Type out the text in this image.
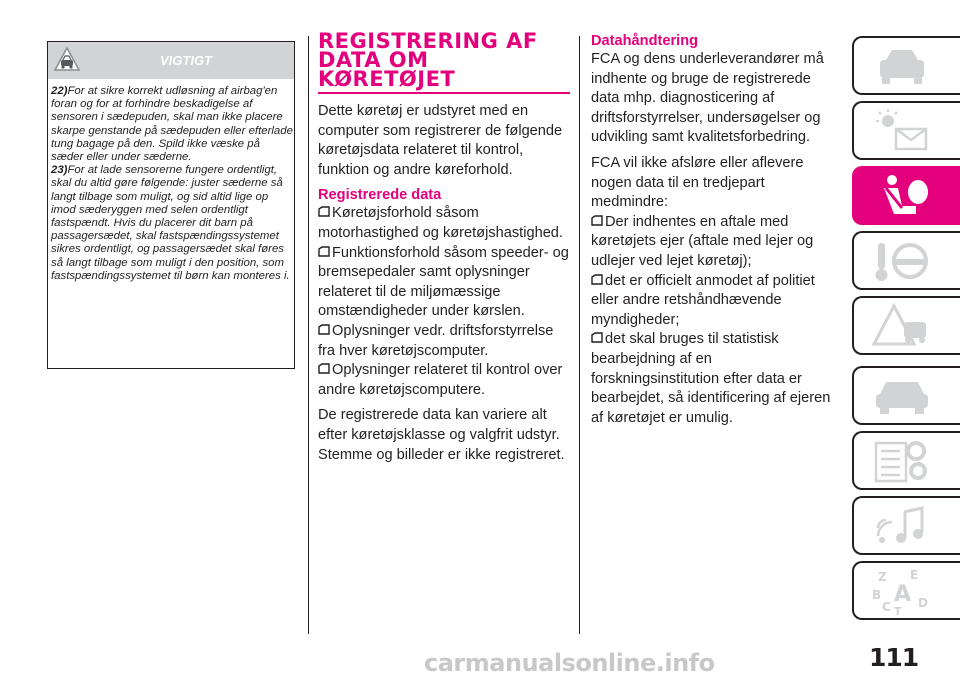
VIGTIGT

22)For at sikre korrekt udløsning af airbag'en foran og for at forhindre beskadigelse af sensoren i sædepuden, skal man ikke placere skarpe genstande på sædepuden eller efterlade tung bagage på den. Spild ikke væske på sæder eller under sæderne.

23)For at lade sensorerne fungere ordentligt, skal du altid gøre følgende: juster sæderne så langt tilbage som muligt, og sid altid lige op imod sæderyggen med selen ordentligt fastspændt. Hvis du placerer dit barn på passagersædet, skal fastspændingssystemet sikres ordentligt, og passagersædet skal føres så langt tilbage som muligt i den position, som fastspændingssystemet til børn kan monteres i.

REGISTRERING AF
DATA OM
KØRETØJET

Dette køretøj er udstyret med en computer som registrerer de følgende køretøjsdata relateret til kontrol, funktion og andre køreforhold.

Registrerede data

Køretøjsforhold såsom motorhastighed og køretøjshastighed.

Funktionsforhold såsom speeder- og bremsepedaler samt oplysninger relateret til de miljømæssige omstændigheder under kørslen.

Oplysninger vedr. driftsforstyrrelse fra hver køretøjscomputer.

Oplysninger relateret til kontrol over andre køretøjscomputere.

De registrerede data kan variere alt efter køretøjsklasse og valgfrit udstyr. Stemme og billeder er ikke registreret.

Datahåndtering

FCA og dens underleverandører må indhente og bruge de registrerede data mhp. diagnosticering af driftsforstyrrelser, undersøgelser og udvikling samt kvalitetsforbedring.

FCA vil ikke afsløre eller aflevere nogen data til en tredjepart medmindre:

Der indhentes en aftale med køretøjets ejer (aftale med lejer og udlejer ved lejet køretøj);

det er officielt anmodet af politiet eller andre retshåndhævende myndigheder;

det skal bruges til statistisk bearbejdning af en forskningsinstitution efter data er bearbejdet, så identificering af ejeren af køretøjet er umulig.

Z E
B A
C D
T
carmanualsonline.info	111
